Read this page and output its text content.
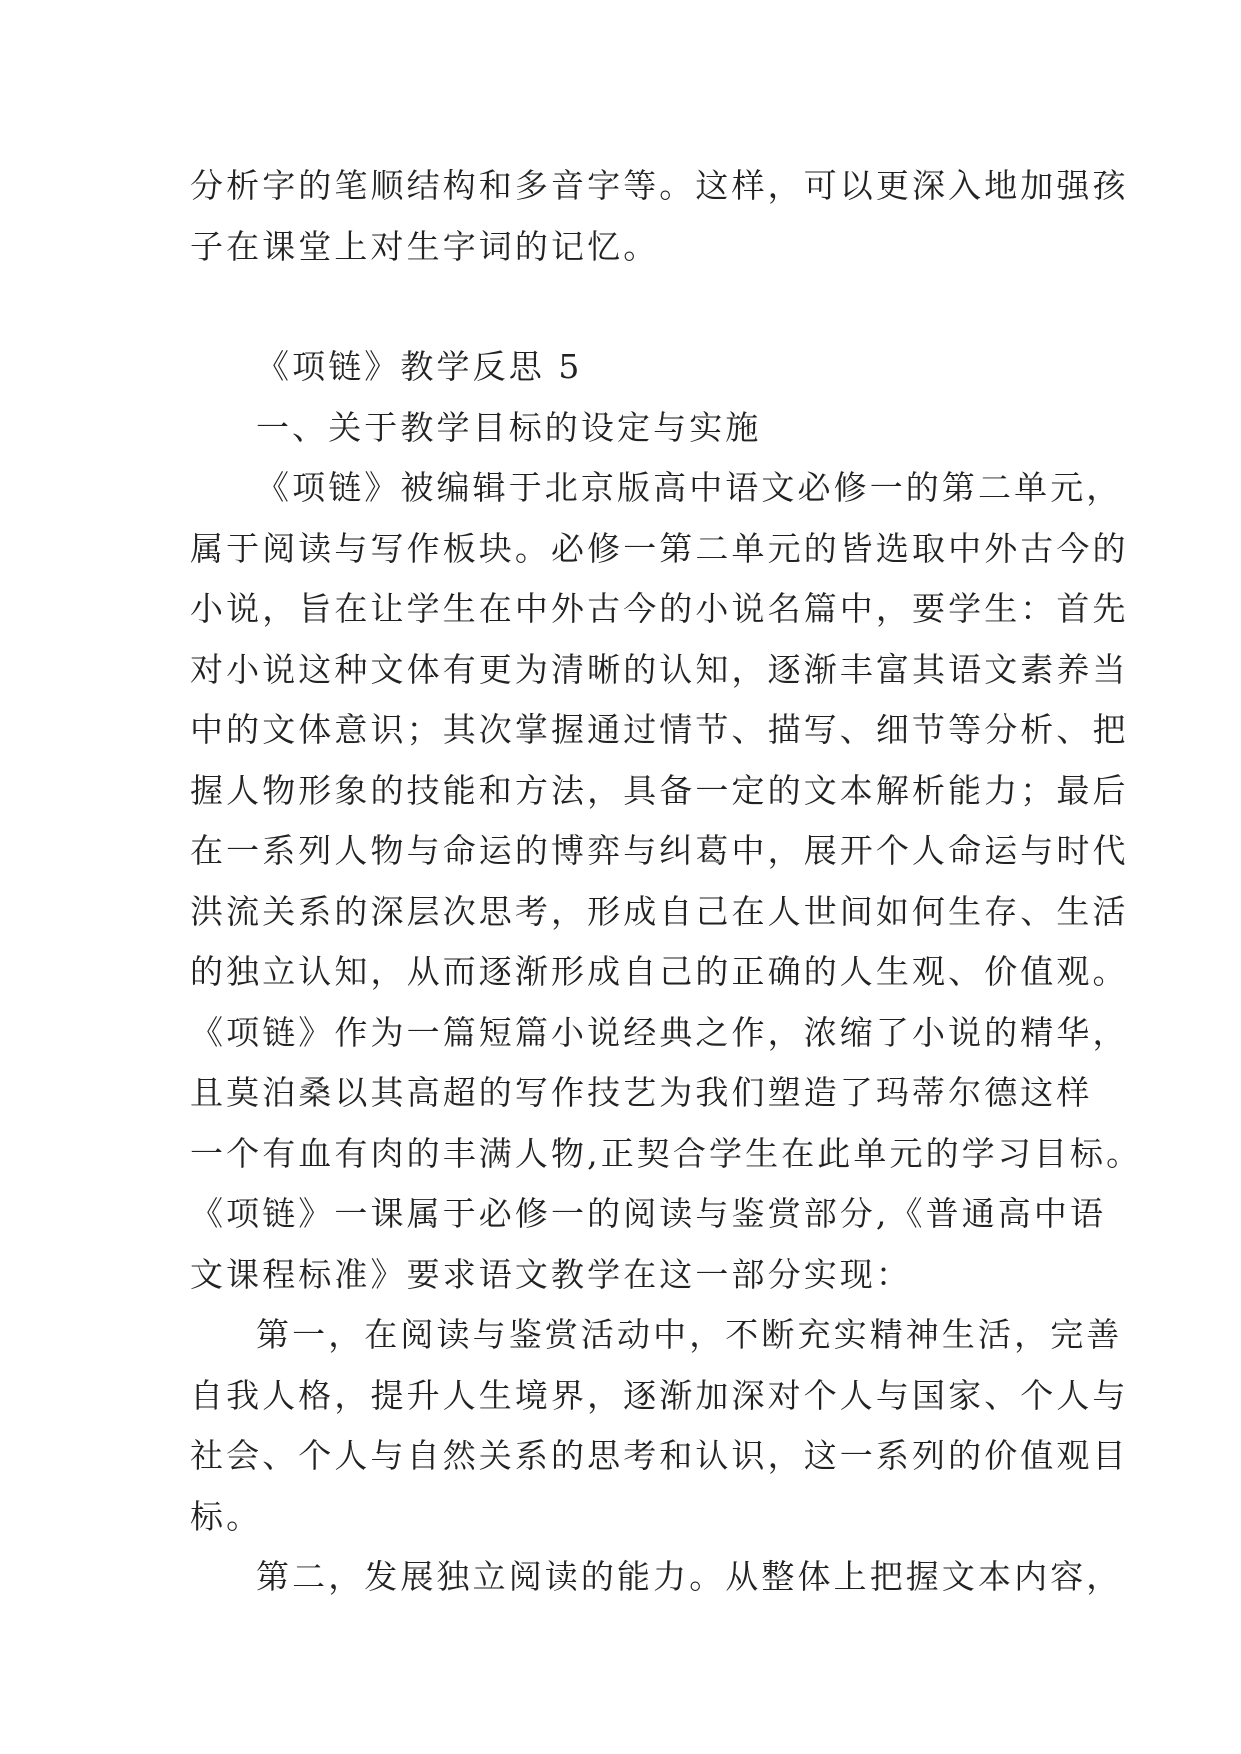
分析字的笔顺结构和多音字等。这样，可以更深入地加强孩
子在课堂上对生字词的记忆。
《项链》教学反思 5
一、关于教学目标的设定与实施
《项链》被编辑于北京版高中语文必修一的第二单元，
属于阅读与写作板块。必修一第二单元的皆选取中外古今的
小说，旨在让学生在中外古今的小说名篇中，要学生：首先
对小说这种文体有更为清晰的认知，逐渐丰富其语文素养当
中的文体意识；其次掌握通过情节、描写、细节等分析、把
握人物形象的技能和方法，具备一定的文本解析能力；最后
在一系列人物与命运的博弈与纠葛中，展开个人命运与时代
洪流关系的深层次思考，形成自己在人世间如何生存、生活
的独立认知，从而逐渐形成自己的正确的人生观、价值观。
《项链》作为一篇短篇小说经典之作，浓缩了小说的精华，
且莫泊桑以其高超的写作技艺为我们塑造了玛蒂尔德这样
一个有血有肉的丰满人物,正契合学生在此单元的学习目标。
《项链》一课属于必修一的阅读与鉴赏部分,《普通高中语
文课程标准》要求语文教学在这一部分实现：
第一，在阅读与鉴赏活动中，不断充实精神生活，完善
自我人格，提升人生境界，逐渐加深对个人与国家、个人与
社会、个人与自然关系的思考和认识，这一系列的价值观目
标。
第二，发展独立阅读的能力。从整体上把握文本内容，
